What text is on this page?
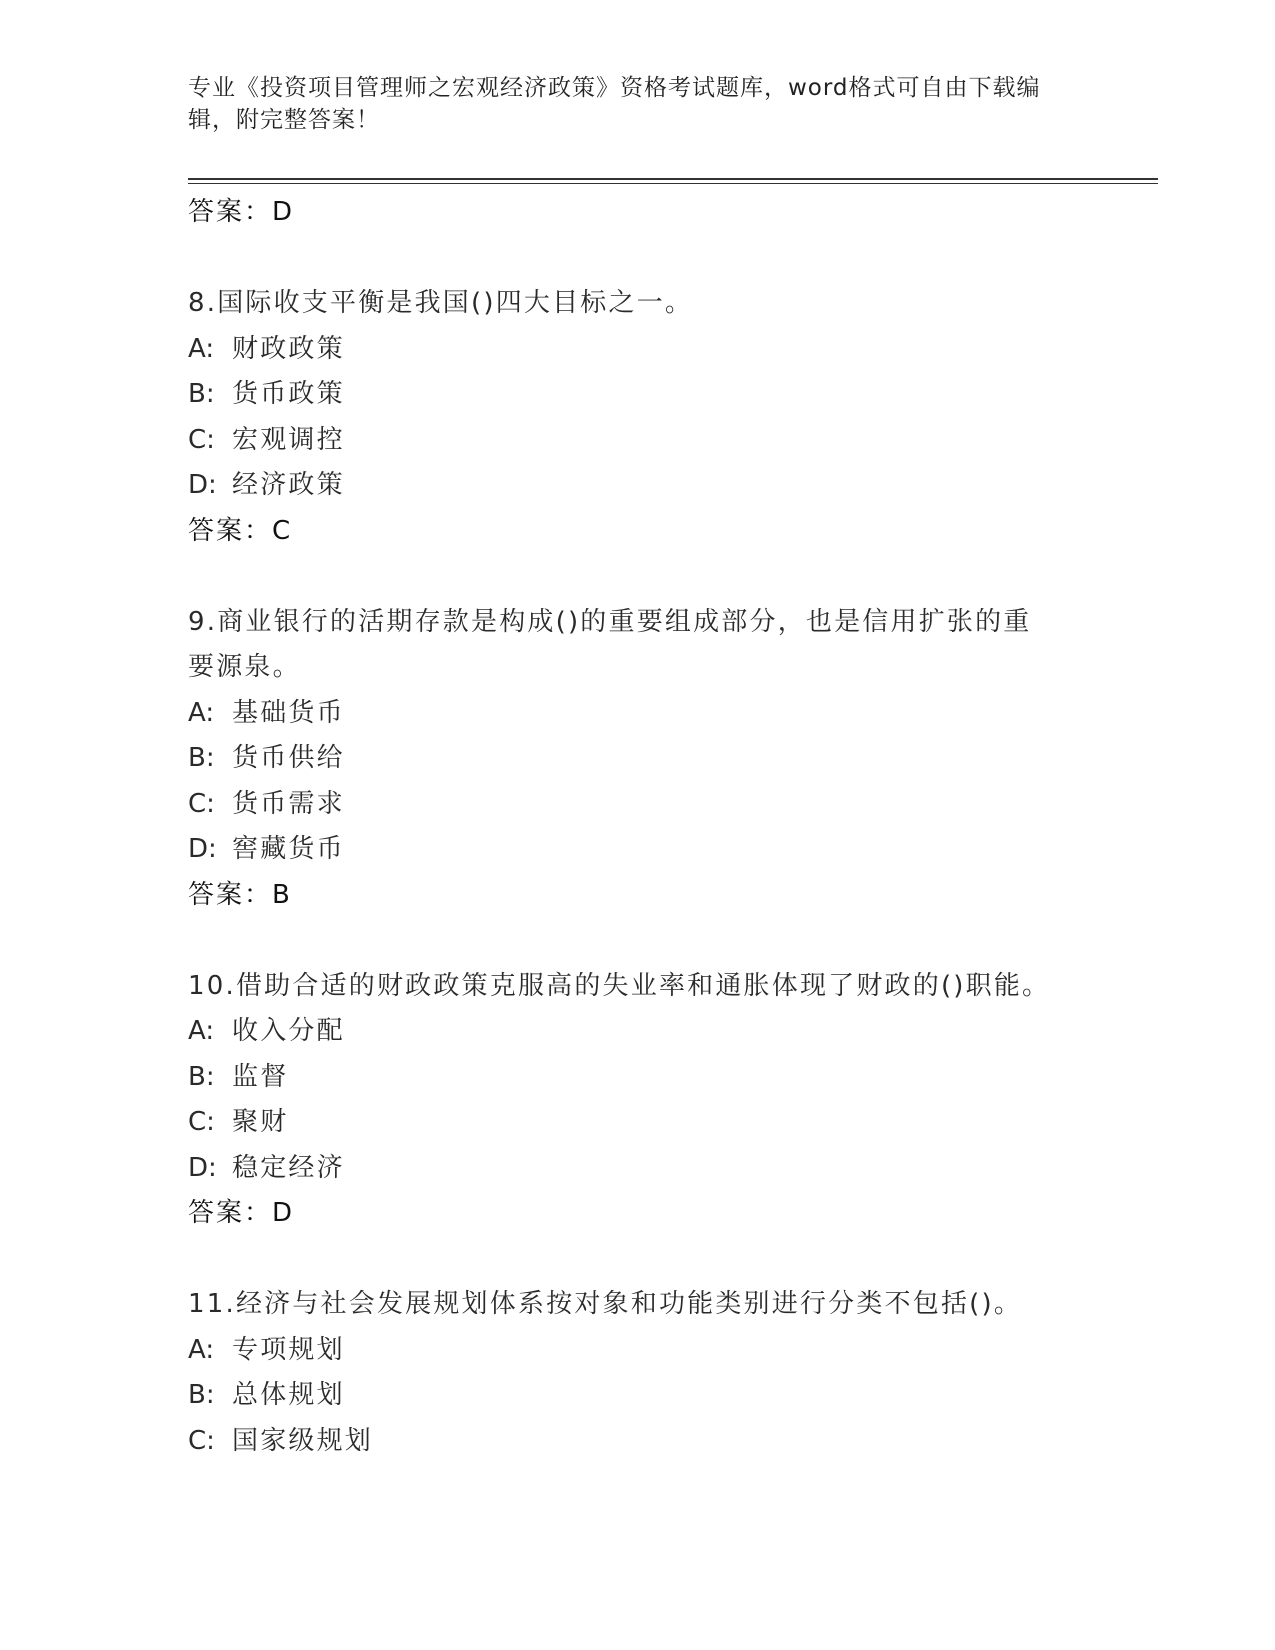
专业《投资项目管理师之宏观经济政策》资格考试题库，word格式可自由下载编
辑，附完整答案！
答案：D
8.国际收支平衡是我国()四大目标之一。
A: 财政政策
B: 货币政策
C: 宏观调控
D: 经济政策
答案：C
9.商业银行的活期存款是构成()的重要组成部分，也是信用扩张的重
要源泉。
A: 基础货币
B: 货币供给
C: 货币需求
D: 窖藏货币
答案：B
10.借助合适的财政政策克服高的失业率和通胀体现了财政的()职能。
A: 收入分配
B: 监督
C: 聚财
D: 稳定经济
答案：D
11.经济与社会发展规划体系按对象和功能类别进行分类不包括()。
A: 专项规划
B: 总体规划
C: 国家级规划
